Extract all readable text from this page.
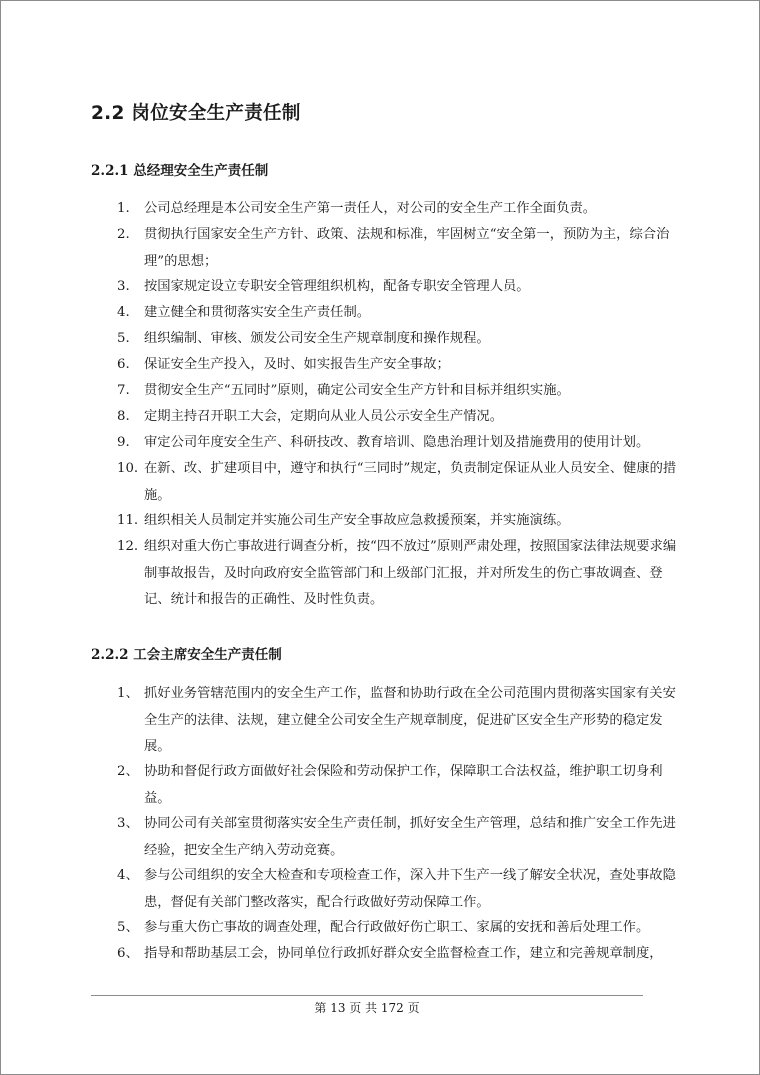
2.2 岗位安全生产责任制
2.2.1 总经理安全生产责任制
1. 公司总经理是本公司安全生产第一责任人，对公司的安全生产工作全面负责。
2. 贯彻执行国家安全生产方针、政策、法规和标准，牢固树立“安全第一，预防为主，综合治理”的思想；
3. 按国家规定设立专职安全管理组织机构，配备专职安全管理人员。
4. 建立健全和贯彻落实安全生产责任制。
5. 组织编制、审核、颁发公司安全生产规章制度和操作规程。
6. 保证安全生产投入，及时、如实报告生产安全事故；
7. 贯彻安全生产“五同时”原则，确定公司安全生产方针和目标并组织实施。
8. 定期主持召开职工大会，定期向从业人员公示安全生产情况。
9. 审定公司年度安全生产、科研技改、教育培训、隐患治理计划及措施费用的使用计划。
10. 在新、改、扩建项目中，遵守和执行“三同时”规定，负责制定保证从业人员安全、健康的措施。
11. 组织相关人员制定并实施公司生产安全事故应急救援预案，并实施演练。
12. 组织对重大伤亡事故进行调查分析，按“四不放过”原则严肃处理，按照国家法律法规要求编制事故报告，及时向政府安全监管部门和上级部门汇报，并对所发生的伤亡事故调查、登记、统计和报告的正确性、及时性负责。
2.2.2 工会主席安全生产责任制
1、 抓好业务管辖范围内的安全生产工作，监督和协助行政在全公司范围内贯彻落实国家有关安全生产的法律、法规，建立健全公司安全生产规章制度，促进矿区安全生产形势的稳定发展。
2、 协助和督促行政方面做好社会保险和劳动保护工作，保障职工合法权益，维护职工切身利益。
3、 协同公司有关部室贯彻落实安全生产责任制，抓好安全生产管理，总结和推广安全工作先进经验，把安全生产纳入劳动竞赛。
4、 参与公司组织的安全大检查和专项检查工作，深入井下生产一线了解安全状况，查处事故隐患，督促有关部门整改落实，配合行政做好劳动保障工作。
5、 参与重大伤亡事故的调查处理，配合行政做好伤亡职工、家属的安抚和善后处理工作。
6、 指导和帮助基层工会，协同单位行政抓好群众安全监督检查工作，建立和完善规章制度，
第 13 页 共 172 页
